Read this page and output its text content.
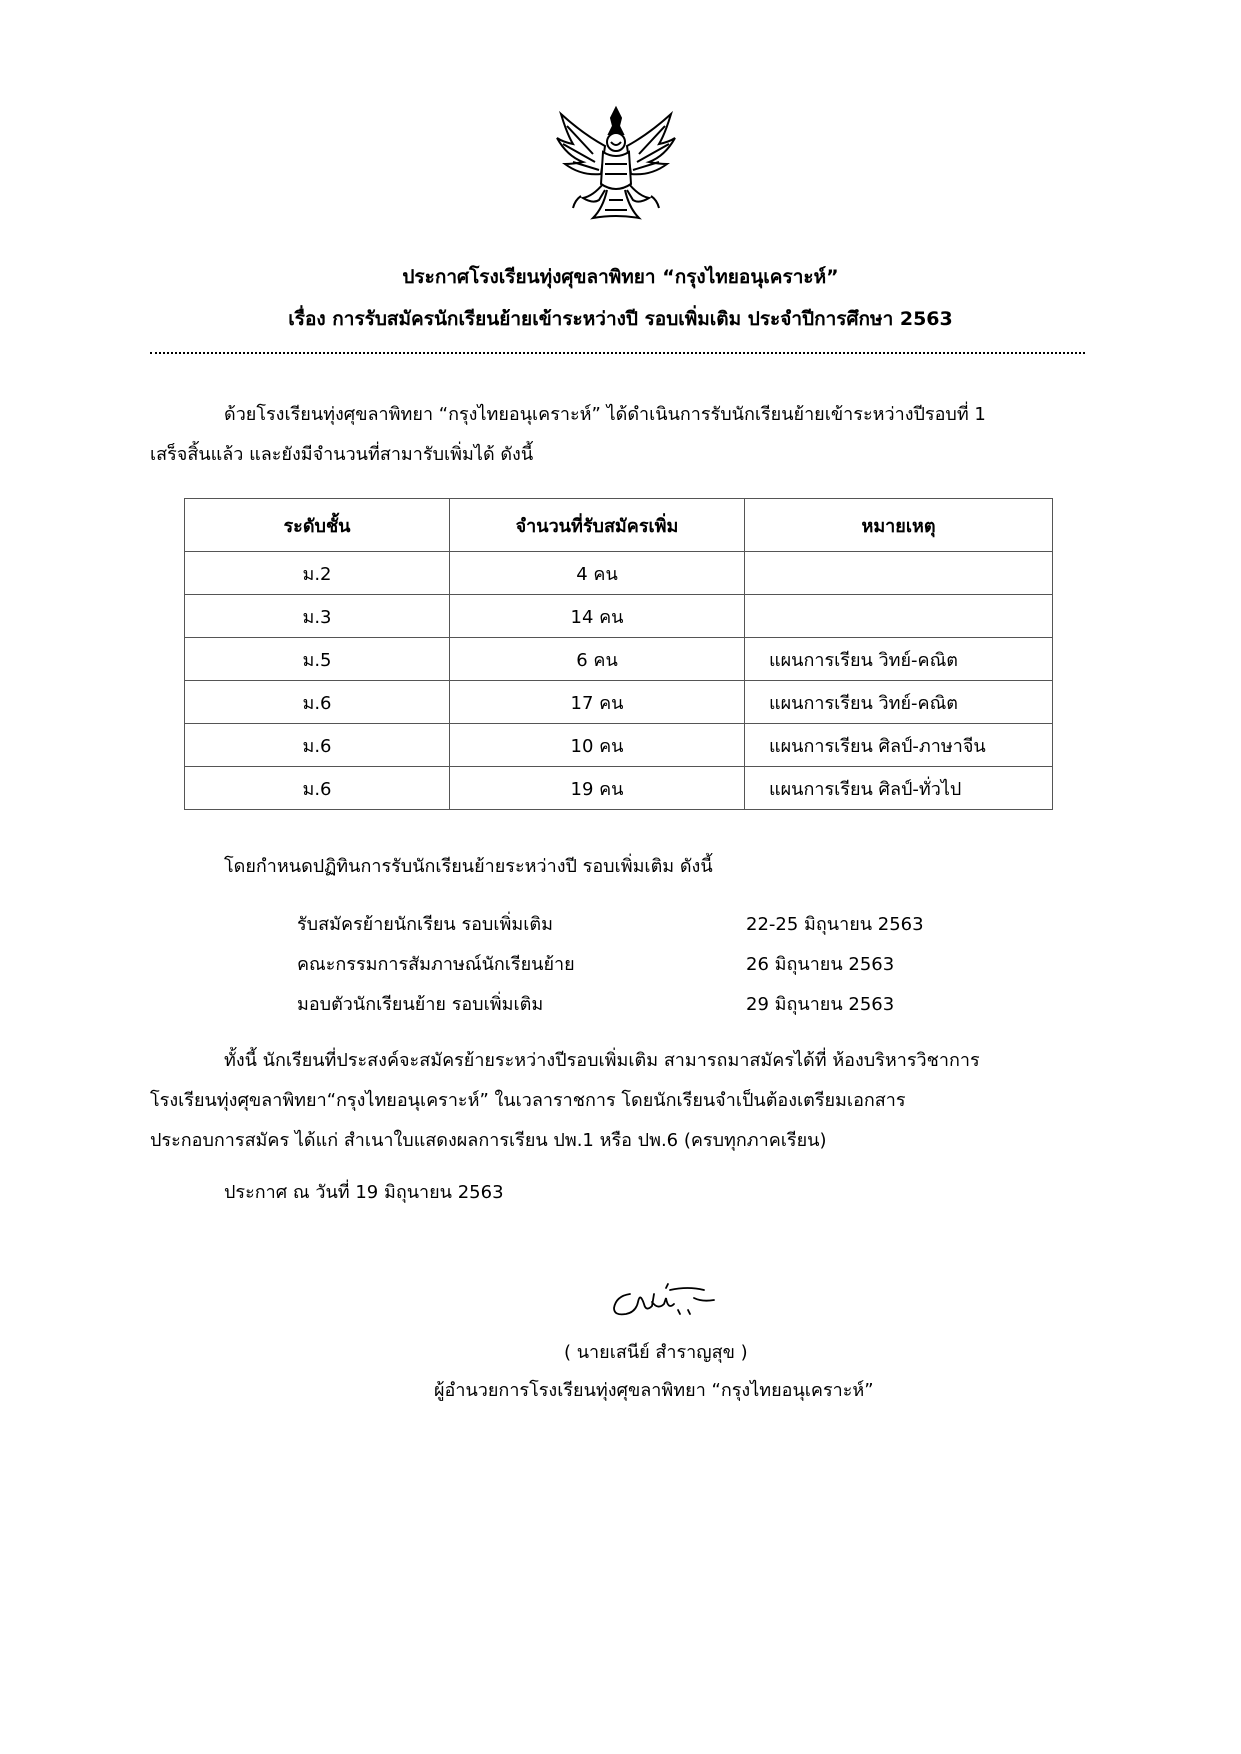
ประกาศโรงเรียนทุ่งศุขลาพิทยา “กรุงไทยอนุเคราะห์”
เรื่อง การรับสมัครนักเรียนย้ายเข้าระหว่างปี รอบเพิ่มเติม ประจำปีการศึกษา 2563
ด้วยโรงเรียนทุ่งศุขลาพิทยา “กรุงไทยอนุเคราะห์” ได้ดำเนินการรับนักเรียนย้ายเข้าระหว่างปีรอบที่ 1
เสร็จสิ้นแล้ว และยังมีจำนวนที่สามารับเพิ่มได้ ดังนี้
ระดับชั้น	จำนวนที่รับสมัครเพิ่ม	หมายเหตุ
ม.2	4 คน	
ม.3	14 คน	
ม.5	6 คน	แผนการเรียน วิทย์-คณิต
ม.6	17 คน	แผนการเรียน วิทย์-คณิต
ม.6	10 คน	แผนการเรียน ศิลป์-ภาษาจีน
ม.6	19 คน	แผนการเรียน ศิลป์-ทั่วไป
โดยกำหนดปฏิทินการรับนักเรียนย้ายระหว่างปี รอบเพิ่มเติม ดังนี้
รับสมัครย้ายนักเรียน รอบเพิ่มเติม	22-25 มิถุนายน 2563
คณะกรรมการสัมภาษณ์นักเรียนย้าย	26 มิถุนายน 2563
มอบตัวนักเรียนย้าย รอบเพิ่มเติม	29 มิถุนายน 2563
ทั้งนี้ นักเรียนที่ประสงค์จะสมัครย้ายระหว่างปีรอบเพิ่มเติม สามารถมาสมัครได้ที่ ห้องบริหารวิชาการ
โรงเรียนทุ่งศุขลาพิทยา“กรุงไทยอนุเคราะห์” ในเวลาราชการ โดยนักเรียนจำเป็นต้องเตรียมเอกสาร
ประกอบการสมัคร ได้แก่ สำเนาใบแสดงผลการเรียน ปพ.1 หรือ ปพ.6 (ครบทุกภาคเรียน)
ประกาศ ณ วันที่ 19 มิถุนายน 2563
( นายเสนีย์ สำราญสุข )
ผู้อำนวยการโรงเรียนทุ่งศุขลาพิทยา “กรุงไทยอนุเคราะห์”
